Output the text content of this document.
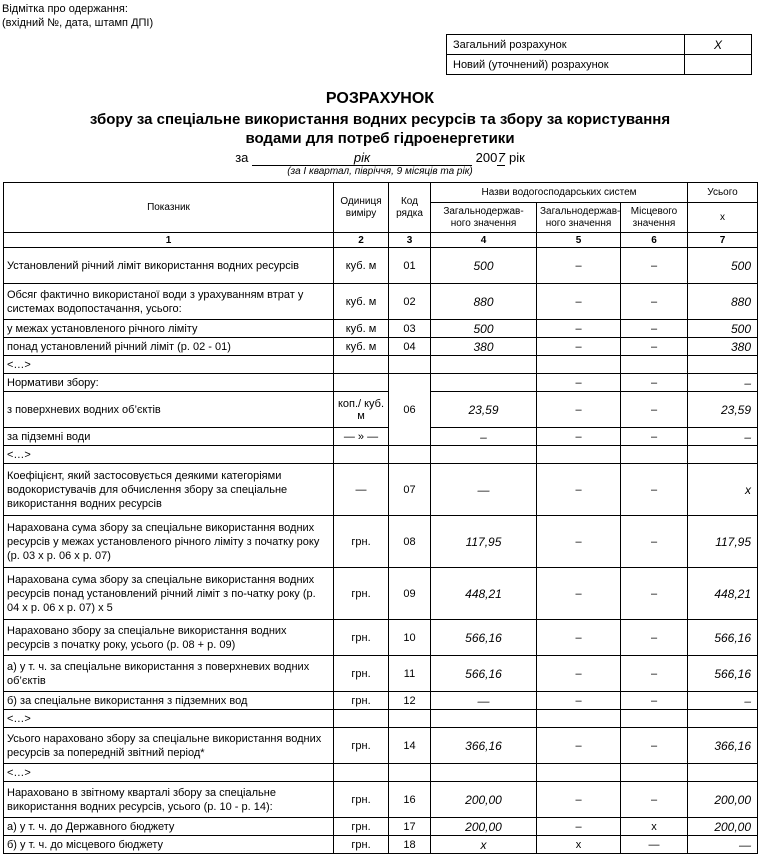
Відмітка про одержання:
(вхідний №, дата, штамп ДПІ)
Загальний розрахунок	X
Новий (уточнений) розрахунок	
РОЗРАХУНОК
збору за спеціальне використання водних ресурсів та збору за користування
водами для потреб гідроенергетики
за	рік	2007 рік
(за І квартал, півріччя, 9 місяців та рік)
Показник	Одиниця виміру	Код рядка	Назви водогосподарських систем			Усього
			Загальнодержав-ного значення	Загальнодержав-ного значення	Місцевого значення	х
1	2	3	4	5	6	7
Установлений річний ліміт використання водних ресурсів	куб. м	01	500	–	–	500
Обсяг фактично використаної води з урахуванням втрат у системах водопостачання, усього:	куб. м	02	880	–	–	880
у межах установленого річного ліміту	куб. м	03	500	–	–	500
понад установлений річний ліміт (р. 02 - 01)	куб. м	04	380	–	–	380
<…>						
Нормативи збору:		06		–	–	–
з поверхневих водних об’єктів	коп./ куб. м		23,59	–	–	23,59
за підземні води	— » —		–	–	–	–
<…>						
Коефіцієнт, який застосовується деякими категоріями водокористувачів для обчислення збору за спеціальне використання водних ресурсів	—	07	—	–	–	х
Нарахована сума збору за спеціальне використання водних ресурсів у межах установленого річного ліміту з початку року (р. 03 х р. 06 х р. 07)	грн.	08	117,95	–	–	117,95
Нарахована сума збору за спеціальне використання водних ресурсів понад установлений річний ліміт з по-чатку року (р. 04 х р. 06 х р. 07) х 5	грн.	09	448,21	–	–	448,21
Нараховано збору за спеціальне використання водних ресурсів з початку року, усього (р. 08 + р. 09)	грн.	10	566,16	–	–	566,16
а) у т. ч. за спеціальне використання з поверхневих водних об’єктів	грн.	11	566,16	–	–	566,16
б) за спеціальне використання з підземних вод	грн.	12	—	–	–	–
<…>						
Усього нараховано збору за спеціальне використання водних ресурсів за попередній звітний період*	грн.	14	366,16	–	–	366,16
<…>						
Нараховано в звітному кварталі збору за спеціальне використання водних ресурсів, усього (р. 10 - р. 14):	грн.	16	200,00	–	–	200,00
а) у т. ч. до Державного бюджету	грн.	17	200,00	–	х	200,00
б) у т. ч. до місцевого бюджету	грн.	18	х	х	—	—
